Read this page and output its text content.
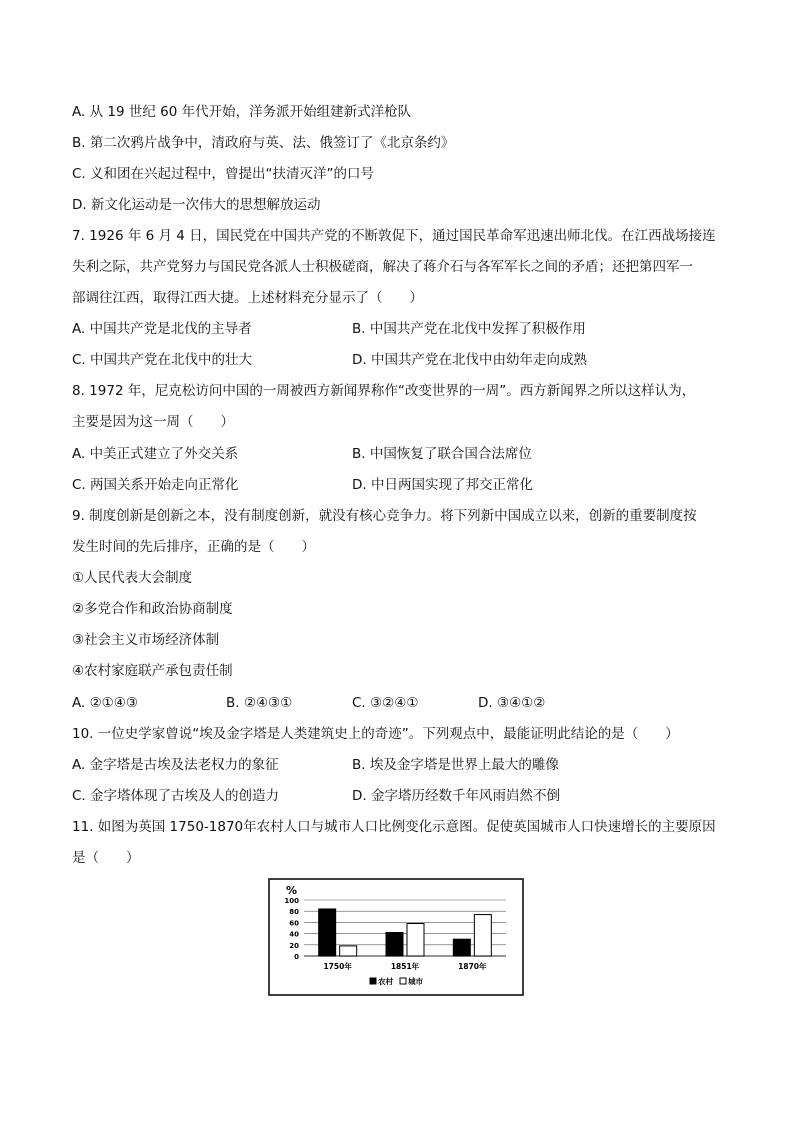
A. 从 19 世纪 60 年代开始，洋务派开始组建新式洋枪队
B. 第二次鸦片战争中，清政府与英、法、俄签订了《北京条约》
C. 义和团在兴起过程中，曾提出“扶清灭洋”的口号
D. 新文化运动是一次伟大的思想解放运动
7. 1926 年 6 月 4 日，国民党在中国共产党的不断敦促下，通过国民革命军迅速出师北伐。在江西战场接连
失利之际，共产党努力与国民党各派人士积极磋商，解决了蒋介石与各军军长之间的矛盾；还把第四军一
部调往江西，取得江西大捷。上述材料充分显示了（　　）
A. 中国共产党是北伐的主导者	B. 中国共产党在北伐中发挥了积极作用
C. 中国共产党在北伐中的壮大	D. 中国共产党在北伐中由幼年走向成熟
8. 1972 年，尼克松访问中国的一周被西方新闻界称作“改变世界的一周”。西方新闻界之所以这样认为，
主要是因为这一周（　　）
A. 中美正式建立了外交关系	B. 中国恢复了联合国合法席位
C. 两国关系开始走向正常化	D. 中日两国实现了邦交正常化
9. 制度创新是创新之本，没有制度创新，就没有核心竞争力。将下列新中国成立以来，创新的重要制度按
发生时间的先后排序，正确的是（　　）
①人民代表大会制度
②多党合作和政治协商制度
③社会主义市场经济体制
④农村家庭联产承包责任制
A. ②①④③	B. ②④③①	C. ③②④①	D. ③④①②
10. 一位史学家曾说“埃及金字塔是人类建筑史上的奇迹”。下列观点中，最能证明此结论的是（　　）
A. 金字塔是古埃及法老权力的象征	B. 埃及金字塔是世界上最大的雕像
C. 金字塔体现了古埃及人的创造力	D. 金字塔历经数千年风雨岿然不倒
11. 如图为英国 1750-1870年农村人口与城市人口比例变化示意图。促使英国城市人口快速增长的主要原因
是（　　）
%
0
20
40
60
80
100
1750年	1851年	1870年
农村 城市
